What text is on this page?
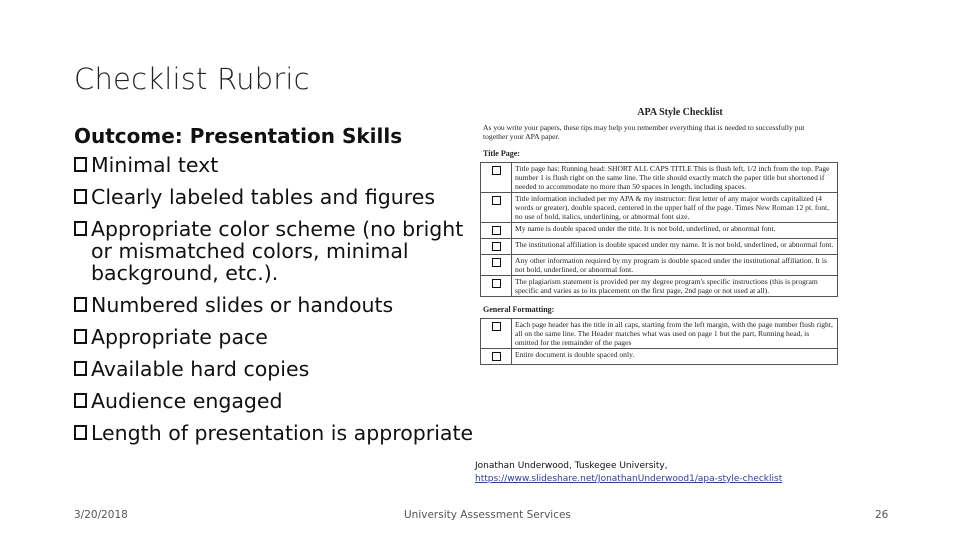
Checklist Rubric
Outcome: Presentation Skills
Minimal text
Clearly labeled tables and figures
Appropriate color scheme (no bright or mismatched colors, minimal background, etc.).
Numbered slides or handouts
Appropriate pace
Available hard copies
Audience engaged
Length of presentation is appropriate
APA Style Checklist
As you write your papers, these tips may help you remember everything that is needed to successfully put together your APA paper.
Title Page:
	Title page has: Running head: SHORT ALL CAPS TITLE This is flush left, 1/2 inch from the top. Page number 1 is flush right on the same line. The title should exactly match the paper title but shortened if needed to accommodate no more than 50 spaces in length, including spaces.
	Title information included per my APA & my instructor: first letter of any major words capitalized (4 words or greater), double spaced, centered in the upper half of the page. Times New Roman 12 pt. font, no use of bold, italics, underlining, or abnormal font size.
	My name is double spaced under the title. It is not bold, underlined, or abnormal font.
	The institutional affiliation is double spaced under my name. It is not bold, underlined, or abnormal font.
	Any other information required by my program is double spaced under the institutional affiliation. It is not bold, underlined, or abnormal font.
	The plagiarism statement is provided per my degree program's specific instructions (this is program specific and varies as to its placement on the first page, 2nd page or not used at all).
General Formatting:
	Each page header has the title in all caps, starting from the left margin, with the page number flush right, all on the same line. The Header matches what was used on page 1 but the part, Running head, is omitted for the remainder of the pages
	Entire document is double spaced only.
Jonathan Underwood, Tuskegee University,
https://www.slideshare.net/JonathanUnderwood1/apa-style-checklist
3/20/2018	University Assessment Services	26
